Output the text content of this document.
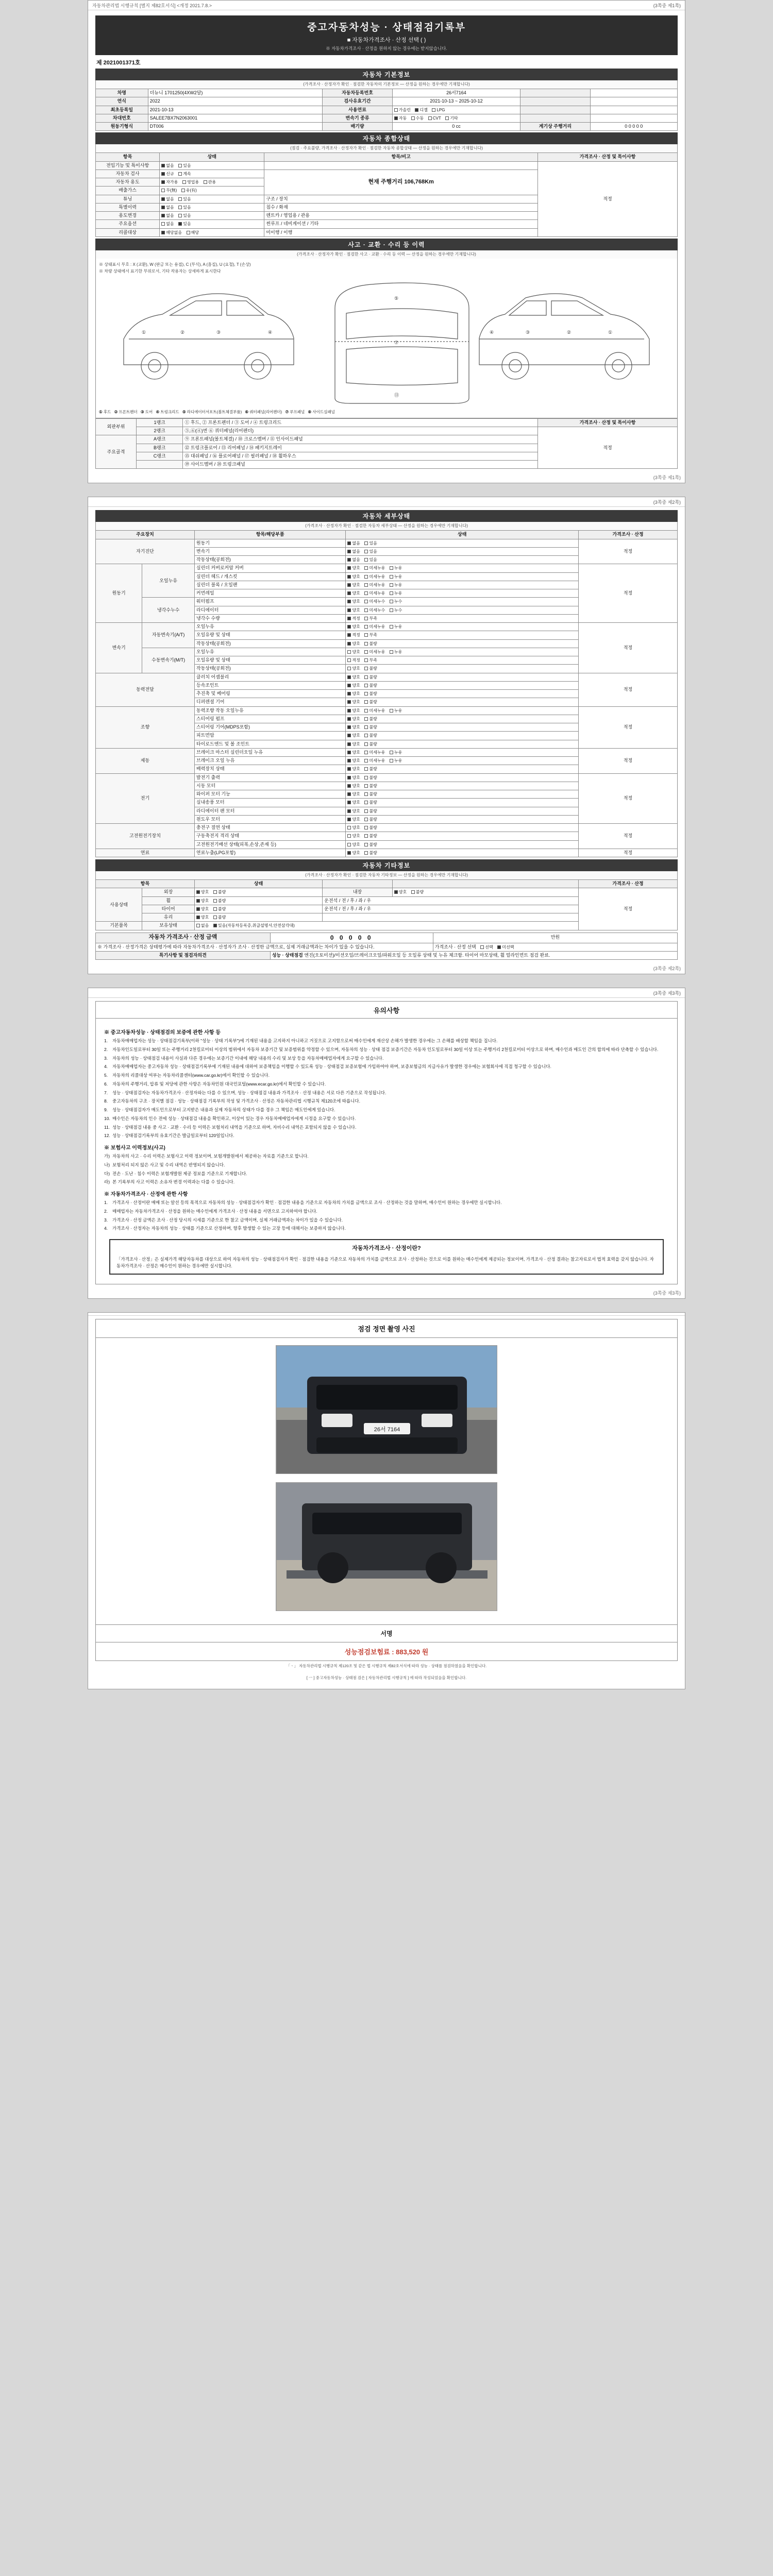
자동차관리법 시행규칙 [별지 제82호서식] <개정 2021.7.8.>	(3쪽중 제1쪽)
중고자동차성능 · 상태점검기록부
■ 자동차가격조사 · 산정 선택 ( )
※ 자동차가격조사 · 산정을 원하지 않는 경우에는 받지않습니다.
제 2021001371호
자동차 기본정보
(가격조사 · 산정자가 확인 · 점검한 자동차의 기본정보 — 산정을 원하는 경우에만 기재합니다)
차명	더뉴니 1701250(4XW2달)	자동차등록번호	26서7164		
연식	2022	검사유효기간	2021-10-13 ~ 2025-10-12		
최초등록일	2021-10-13	사용연료	가솔린 디젤 LPG		
차대번호	SALEE7BX7N2063001	변속기 종류	자동 수동 CVT 기타		
원동기형식	DT006	배기량	0 cc	계기상 주행거리	0 0 0 0 0
자동차 종합상태
(점검 · 주요불량, 가격조사 · 산정자가 확인 · 점검한 자동차 종합상태 — 산정을 원하는 경우에만 기재합니다)
항목	상태	항목/비고	가격조사 · 산정 및 특이사항
전입기능 및 특이사항	없음 있음		적정
자동차 검사	신규 계속	현재 주행거리 106,768Km	
자동차 용도	자가용 영업용 관용		
배출가스	무(無) 유(有)		
튜닝	없음 있음	구조 / 장치	
특별이력	없음 있음	침수 / 화재	
용도변경	없음 있음	렌트카 / 영업용 / 관용	
주요옵션	없음 있음	썬루프 / 네비게이션 / 기타	
리콜대상	해당없음 해당	미이행 / 이행	
사고 · 교환 · 수리 등 이력
(가격조사 · 산정자가 확인 · 점검한 사고 · 교환 · 수리 등 이력 — 산정을 원하는 경우에만 기재합니다)
※ 상태표시 부호 : X (교환), W (판금 또는 용접), C (부식), A (흠집), U (요철), T (손상)
※ 차량 상태에서 표기한 부위로서, 기타 작용자는 상세하게 표시한다
①	②	③	④
⑤
⑦
⑬
①
②
③
④
① 후드 ② 프론트펜더 ③ 도어 ④ 트렁크리드 ⑤ 라디에이터서포트(볼트체결부품) ⑥ 쿼터패널(리어펜더) ⑦ 루프패널 ⑧ 사이드실패널
외판부위	1랭크	① 후드, ② 프론트펜더 / ③ 도어 / ④ 트렁크리드	가격조사 · 산정 및 특이사항
	2랭크	⑤,⑥(④)번 ⑥ 쿼터패널(리어펜더)	적정
주요골격	A랭크	⑨ 프론트패널(볼트체결) / ⑩ 크로스멤버 / ⑪ 인사이드패널	
	B랭크	⑫ 트렁크플로어 / ⑬ 리어패널 / ⑭ 패키지트레이	
	C랭크	⑮ 대쉬패널 / ⑯ 플로어패널 / ⑰ 필러패널 / ⑱ 휠하우스	
		⑲ 사이드멤버 / ⑳ 트렁크패널	
(3쪽중 제1쪽)
(3쪽중 제2쪽)
자동차 세부상태
(가격조사 · 산정자가 확인 · 점검한 자동차 세부상태 — 산정을 원하는 경우에만 기재합니다)
주요장치		항목/해당부품	상태	가격조사 · 산정
자기진단		원동기	없음 있음	적정
		변속기	없음 있음	
		작동상태(공회전)	없음 있음	
원동기	오일누유	실린더 커버로커암 커버	양호 미세누유 누유	적정
		실린더 헤드 / 개스킷	양호 미세누유 누유	
		실린더 블록 / 오일팬	양호 미세누유 누유	
		커먼레일	양호 미세누유 누유	
	냉각수누수	워터펌프	양호 미세누수 누수	
		라디에이터	양호 미세누수 누수	
		냉각수 수량	적정 부족	
변속기	자동변속기(A/T)	오일누유	양호 미세누유 누유	적정
		오일유량 및 상태	적정 부족	
		작동상태(공회전)	양호 불량	
	수동변속기(M/T)	오일누유	양호 미세누유 누유	
		오일유량 및 상태	적정 부족	
		작동상태(공회전)	양호 불량	
동력전달		클러치 어셈블리	양호 불량	적정
		등속조인트	양호 불량	
		추진축 및 베어링	양호 불량	
		디퍼렌셜 기어	양호 불량	
조향		동력조향 작동 오일누유	양호 미세누유 누유	적정
		스티어링 펌프	양호 불량	
		스티어링 기어(MDPS포함)	양호 불량	
		피트먼암	양호 불량	
		타이로드엔드 및 볼 조인트	양호 불량	
제동		브레이크 마스터 실린더오일 누유	양호 미세누유 누유	적정
		브레이크 오일 누유	양호 미세누유 누유	
		배력장치 상태	양호 불량	
전기		발전기 출력	양호 불량	적정
		시동 모터	양호 불량	
		와이퍼 모터 기능	양호 불량	
		실내송풍 모터	양호 불량	
		라디에이터 팬 모터	양호 불량	
		윈도우 모터	양호 불량	
고전원전기장치		충전구 절연 상태	양호 불량	적정
		구동축전지 격리 상태	양호 불량	
		고전원전기배선 상태(피복,손상,존재 등)	양호 불량	
연료		연료누출(LPG포함)	양호 불량	적정
자동차 기타정보
(가격조사 · 산정자가 확인 · 점검한 자동차 기타정보 — 산정을 원하는 경우에만 기재합니다)
항목		상태			가격조사 · 산정
사용상태	외장	양호 불량	내장	양호 불량	적정
	휠	양호 불량	운전석 / 전 / 후 / 좌 / 우		
	타이어	양호 불량	운전석 / 전 / 후 / 좌 / 우		
	유리	양호 불량			
기본품목	보유상태	없음 있음(자동차등록증,취급설명서,안전삼각대)			
자동차 가격조사 · 산정 금액	0 0 0 0 0	만원
※ 가격조사 · 산정가격은 상태평가에 따라 자동차가격조사 · 산정자가 조사 · 산정한 금액으로, 실제 거래금액과는 차이가 있을 수 있습니다.		가격조사 · 산정 선택 선택 미선택
특기사항 및 점검자의견	성능 · 상태점검 엔진(오토미션)/미션오일/브레이크오일/파워오일 등 오일류 상태 및 누유 체크함. 타이어 마모상태, 휠 얼라인먼트 점검 완료.	
(3쪽중 제2쪽)
(3쪽중 제3쪽)
유의사항
※ 중고자동차성능 · 상태점검의 보증에 관한 사항 등
1.	자동차매매업자는 성능 · 상태점검기록부(이하 "성능 · 상태 기록부")에 기재된 내용을 고지하지 아니하고 거짓으로 고지함으로써 매수인에게 재산상 손해가 발생한 경우에는 그 손해를 배상할 책임을 집니다.
2.	자동차인도일로부터 30일 또는 주행거리 2천킬로미터 이상의 범위에서 자동차 보증기간 및 보증범위를 약정할 수 있으며, 자동차의 성능 · 상태 점검 보증기간은 자동차 인도일로부터 30일 이상 또는 주행거리 2천킬로미터 이상으로 하며, 매수인과 매도인 간의 합의에 따라 단축할 수 있습니다.
3.	자동차의 성능 · 상태점검 내용이 사실과 다른 경우에는 보증기간 이내에 해당 내용의 수리 및 보상 등을 자동차매매업자에게 요구할 수 있습니다.
4.	자동차매매업자는 중고자동차 성능 · 상태점검기록부에 기재된 내용에 대하여 보증책임을 이행할 수 있도록 성능 · 상태점검 보증보험에 가입하여야 하며, 보증보험금의 지급사유가 발생한 경우에는 보험회사에 직접 청구할 수 있습니다.
5.	자동차의 리콜대상 여부는 자동차리콜센터(www.car.go.kr)에서 확인할 수 있습니다.
6.	자동차의 주행거리, 압류 및 저당에 관한 사항은 자동차민원 대국민포털(www.ecar.go.kr)에서 확인할 수 있습니다.
7.	성능 · 상태점검자는 자동차가격조사 · 산정자와는 다를 수 있으며, 성능 · 상태점검 내용과 가격조사 · 산정 내용은 서로 다른 기준으로 작성됩니다.
8.	중고자동차의 구조 · 장치별 점검 · 성능 · 상태점검 기록부의 작성 및 가격조사 · 산정은 자동차관리법 시행규칙 제120조에 따릅니다.
9.	성능 · 상태점검자가 매도인으로부터 고지받은 내용과 실제 자동차의 상태가 다를 경우 그 책임은 매도인에게 있습니다.
10. 매수인은 자동차의 인수 전에 성능 · 상태점검 내용을 확인하고, 이상이 있는 경우 자동차매매업자에게 시정을 요구할 수 있습니다.
11. 성능 · 상태점검 내용 중 사고 · 교환 · 수리 등 이력은 보험처리 내역을 기준으로 하며, 자비수리 내역은 포함되지 않을 수 있습니다.
12. 성능 · 상태점검기록부의 유효기간은 발급일로부터 120일입니다.
※ 보험사고 이력정보(사고)
가) 자동차의 사고 · 수리 이력은 보험사고 이력 정보이며, 보험개발원에서 제공하는 자료를 기준으로 합니다.
나) 보험처리 되지 않은 사고 및 수리 내역은 반영되지 않습니다.
다) 전손 · 도난 · 침수 이력은 보험개발원 제공 정보를 기준으로 기재합니다.
라) 본 기록부의 사고 이력은 소유자 변경 이력과는 다를 수 있습니다.
※ 자동차가격조사 · 산정에 관한 사항
1.	가격조사 · 산정이란 매매 또는 알선 등의 목적으로 자동차의 성능 · 상태점검자가 확인 · 점검한 내용을 기준으로 자동차의 가치를 금액으로 조사 · 산정하는 것을 말하며, 매수인이 원하는 경우에만 실시합니다.
2.	매매업자는 자동차가격조사 · 산정을 원하는 매수인에게 가격조사 · 산정 내용을 서면으로 고지하여야 합니다.
3.	가격조사 · 산정 금액은 조사 · 산정 당시의 시세를 기준으로 한 참고 금액이며, 실제 거래금액과는 차이가 있을 수 있습니다.
4.	가격조사 · 산정자는 자동차의 성능 · 상태를 기준으로 산정하며, 향후 발생할 수 있는 고장 등에 대해서는 보증하지 않습니다.
자동차가격조사 · 산정이란?
「가격조사 · 산정」은 실제가격 해당자동차를 대상으로 하여 자동차의 성능 · 상태점검자가 확인 · 점검한 내용을 기준으로 자동차의 가치를 금액으로 조사 · 산정하는 것으로 이를 원하는 매수인에게 제공되는 정보이며, 가격조사 · 산정 결과는 참고자료로서 법적 효력을 갖지 않습니다. 자동차가격조사 · 산정은 매수인이 원하는 경우에만 실시합니다.
(3쪽중 제3쪽)
점검 정면 촬영 사진
26서 7164
서명
성능점검보험료 : 883,520 원
「ㆍ」 자동차관리법 시행규칙 제120조 및 같은 법 시행규칙 제82호서식에 따라 성능 · 상태를 점검하였음을 확인합니다.
[ ㅡ ] 중고자동차성능 · 상태점 검은 [ 자동차관리법 시행규칙 ] 에 따라 작성되었음을 확인합니다.
